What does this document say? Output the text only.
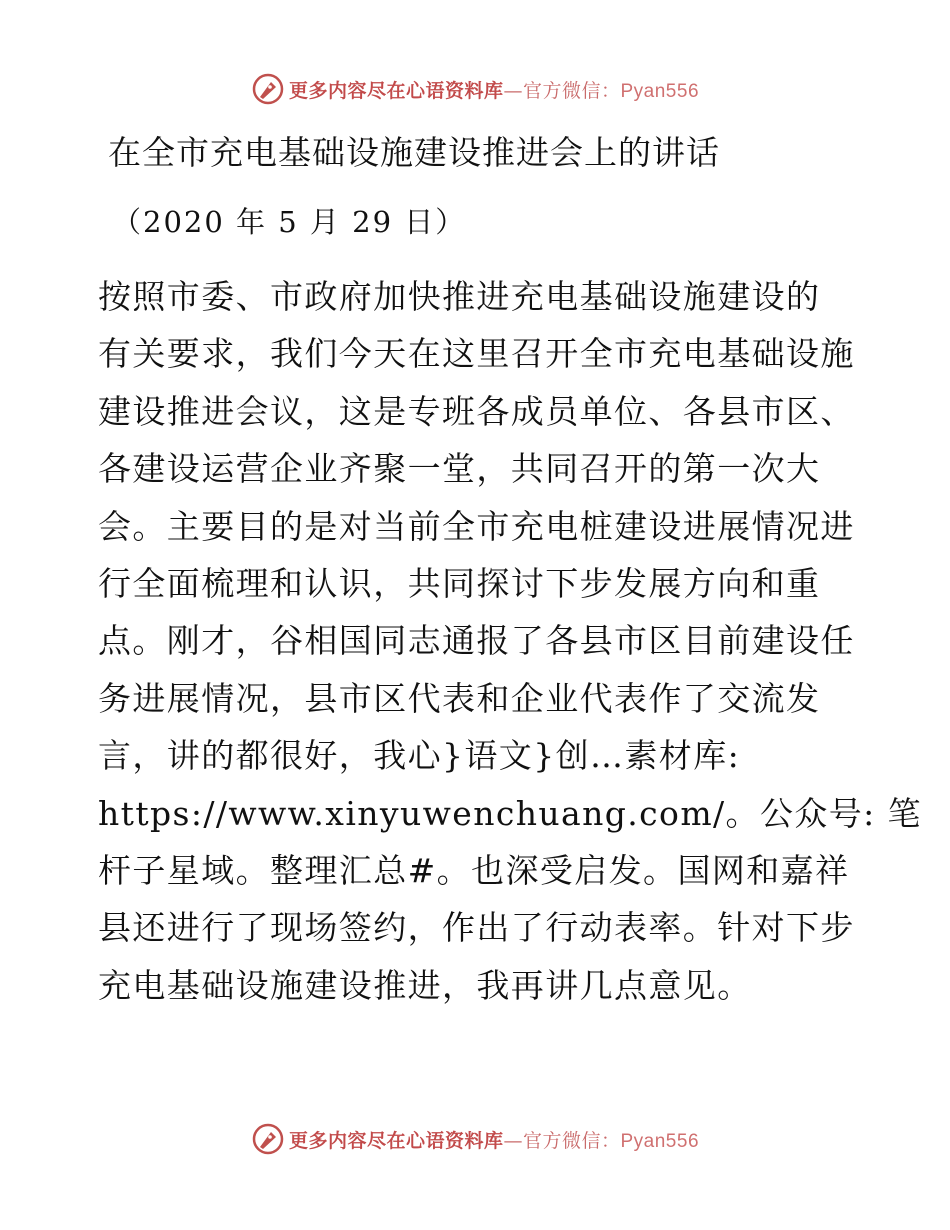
更多内容尽在心语资料库—官方微信：Pyan556
在全市充电基础设施建设推进会上的讲话
（2020 年 5 月 29 日）
按照市委、市政府加快推进充电基础设施建设的
有关要求，我们今天在这里召开全市充电基础设施
建设推进会议，这是专班各成员单位、各县市区、
各建设运营企业齐聚一堂，共同召开的第一次大
会。主要目的是对当前全市充电桩建设进展情况进
行全面梳理和认识，共同探讨下步发展方向和重
点。刚才，谷相国同志通报了各县市区目前建设任
务进展情况，县市区代表和企业代表作了交流发
言，讲的都很好，我心}语文}创…素材库:
https://www.xinyuwenchuang.com/。公众号: 笔
杆子星域。整理汇总#。也深受启发。国网和嘉祥
县还进行了现场签约，作出了行动表率。针对下步
充电基础设施建设推进，我再讲几点意见。
更多内容尽在心语资料库—官方微信：Pyan556
